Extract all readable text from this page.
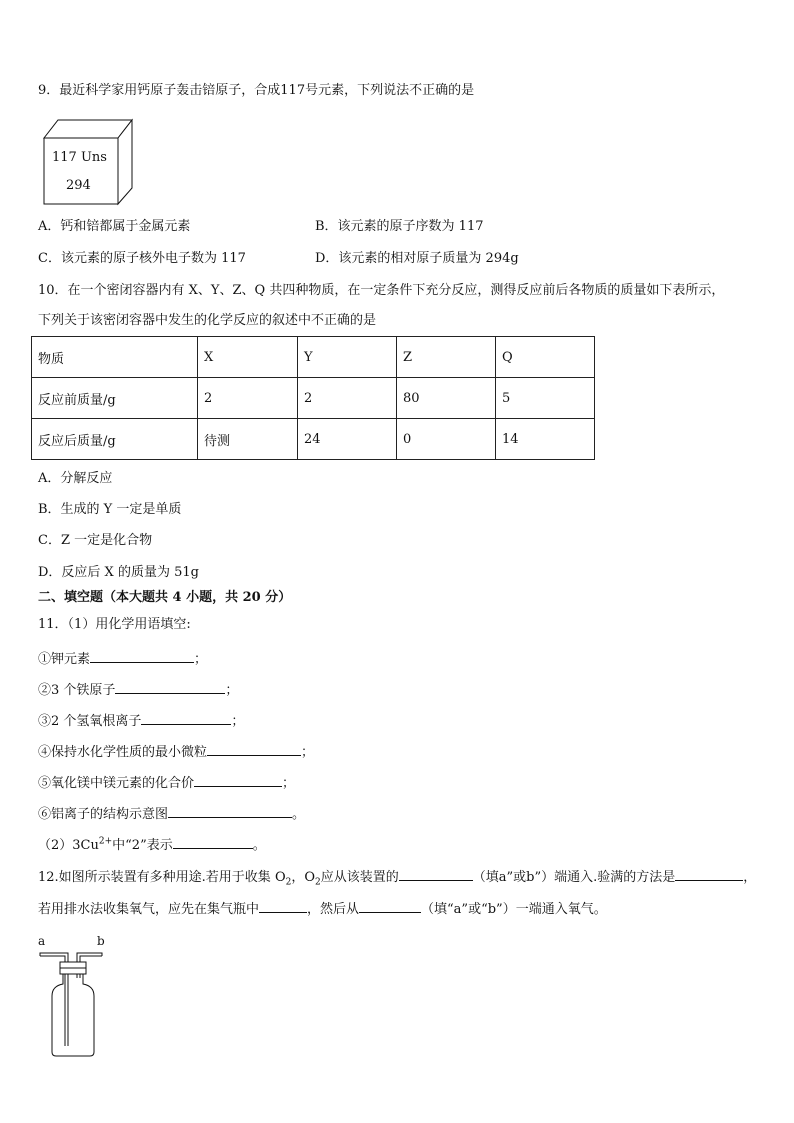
9．最近科学家用钙原子轰击锫原子，合成117号元素，下列说法不正确的是
117 Uns
294
A．钙和锫都属于金属元素	B．该元素的原子序数为 117
C．该元素的原子核外电子数为 117	D．该元素的相对原子质量为 294g
10．在一个密闭容器内有 X、Y、Z、Q 共四种物质，在一定条件下充分反应，测得反应前后各物质的质量如下表所示，
下列关于该密闭容器中发生的化学反应的叙述中不正确的是
物质	X	Y	Z	Q
反应前质量/g	2	2	80	5
反应后质量/g	待测	24	0	14
A．分解反应
B．生成的 Y 一定是单质
C．Z 一定是化合物
D．反应后 X 的质量为 51g
二、填空题（本大题共 4 小题，共 20 分）
11．（1）用化学用语填空:
①钾元素	；
②3 个铁原子	；
③2 个氢氧根离子	；
④保持水化学性质的最小微粒	；
⑤氧化镁中镁元素的化合价	；
⑥铝离子的结构示意图	。
$(2)3Cu^{2+}$中“2”表示	。
12.如图所示装置有多种用途.若用于收集 $O_2$，$O_2$应从该装置的	（填a”或b”）端通入.验满的方法是	，
若用排水法收集氧气，应先在集气瓶中	，然后从	（填“a”或“b”）一端通入氧气。
a	b
